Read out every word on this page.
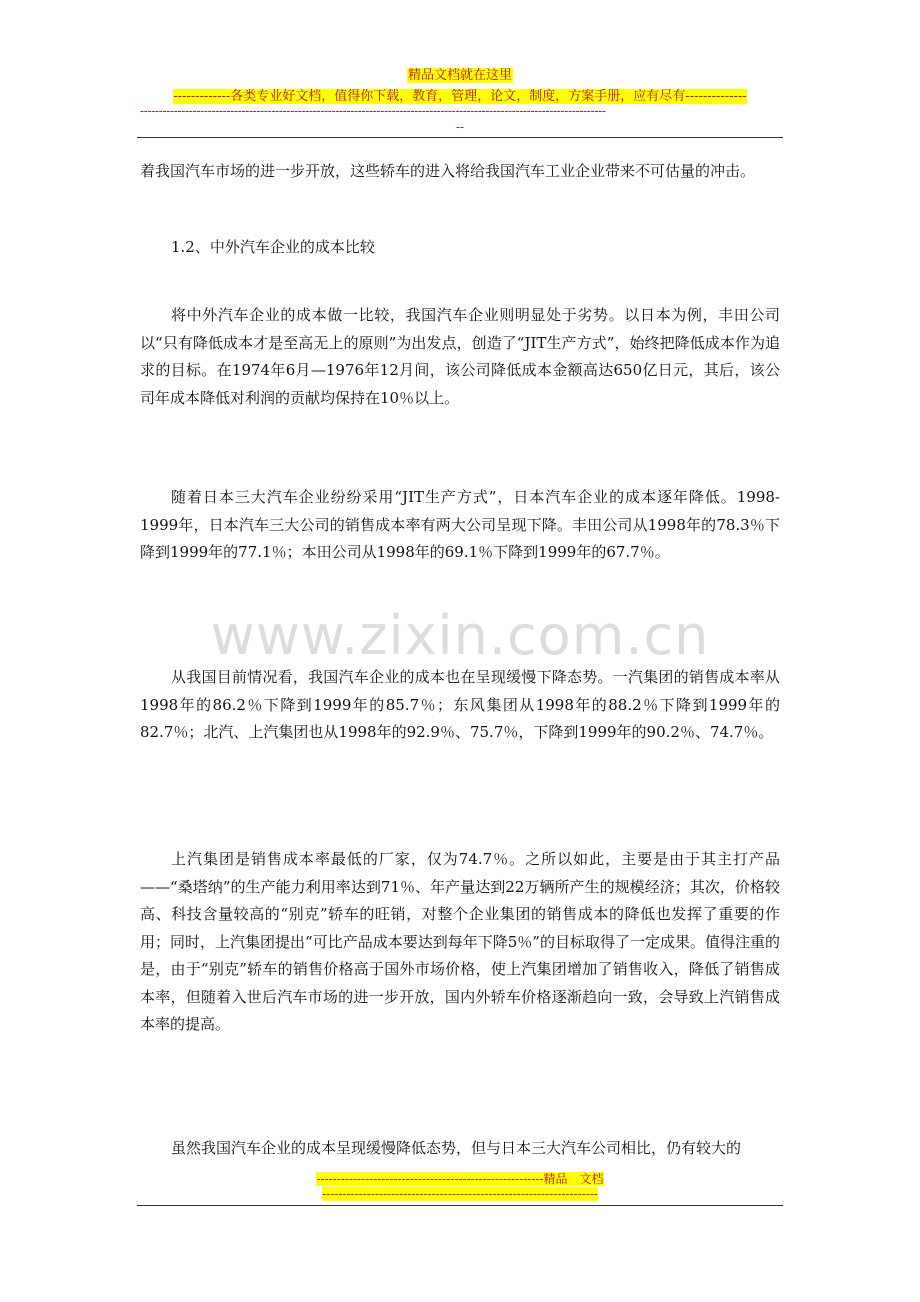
精品文档就在这里
-------------各类专业好文档，值得你下载，教育，管理，论文，制度，方案手册，应有尽有--------------
----------------------------------------------------------------------------------------------------------------------------
--

着我国汽车市场的进一步开放，这些轿车的进入将给我国汽车工业企业带来不可估量的冲击。

1.2、中外汽车企业的成本比较
www.zixin.com.cn

将中外汽车企业的成本做一比较，我国汽车企业则明显处于劣势。以日本为例，丰田公司以“只有降低成本才是至高无上的原则”为出发点，创造了“JIT生产方式”，始终把降低成本作为追求的目标。在1974年6月—1976年12月间，该公司降低成本金额高达650亿日元，其后，该公司年成本降低对利润的贡献均保持在10％以上。

随着日本三大汽车企业纷纷采用“JIT生产方式”，日本汽车企业的成本逐年降低。1998-1999年，日本汽车三大公司的销售成本率有两大公司呈现下降。丰田公司从1998年的78.3％下降到1999年的77.1％；本田公司从1998年的69.1％下降到1999年的67.7％。

从我国目前情况看，我国汽车企业的成本也在呈现缓慢下降态势。一汽集团的销售成本率从1998年的86.2％下降到1999年的85.7％；东风集团从1998年的88.2％下降到1999年的82.7％；北汽、上汽集团也从1998年的92.9％、75.7％，下降到1999年的90.2％、74.7％。

上汽集团是销售成本率最低的厂家，仅为74.7％。之所以如此，主要是由于其主打产品——“桑塔纳”的生产能力利用率达到71％、年产量达到22万辆所产生的规模经济；其次，价格较高、科技含量较高的“别克”轿车的旺销，对整个企业集团的销售成本的降低也发挥了重要的作用；同时，上汽集团提出“可比产品成本要达到每年下降5％”的目标取得了一定成果。值得注重的是，由于“别克”轿车的销售价格高于国外市场价格，使上汽集团增加了销售收入，降低了销售成本率，但随着入世后汽车市场的进一步开放，国内外轿车价格逐渐趋向一致，会导致上汽销售成本率的提高。

虽然我国汽车企业的成本呈现缓慢降低态势，但与日本三大汽车公司相比，仍有较大的

--------------------------------------------------------精品　文档
--------------------------------------------------------------------
